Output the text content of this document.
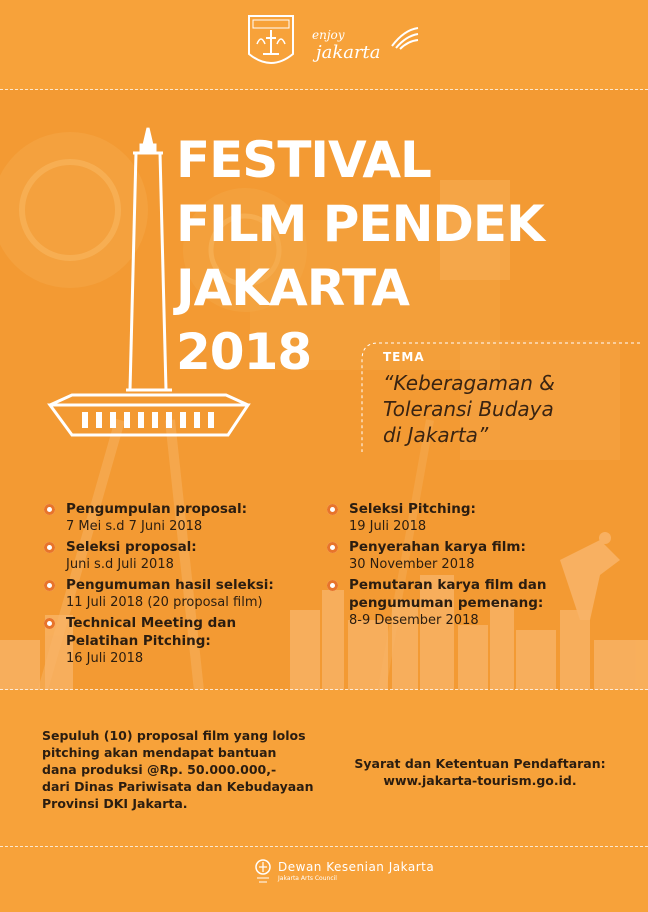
enjoy
jakarta
FESTIVAL
FILM PENDEK
JAKARTA
2018	TEMA
“Keberagaman &
Toleransi Budaya
di Jakarta”
Pengumpulan proposal:
7 Mei s.d 7 Juni 2018
Seleksi proposal:
Juni s.d Juli 2018
Pengumuman hasil seleksi:
11 Juli 2018 (20 proposal film)
Technical Meeting dan
Pelatihan Pitching:
16 Juli 2018
Seleksi Pitching:
19 Juli 2018
Penyerahan karya film:
30 November 2018
Pemutaran karya film dan
pengumuman pemenang:
8-9 Desember 2018
Sepuluh (10) proposal film yang lolos
pitching akan mendapat bantuan
dana produksi @Rp. 50.000.000,-
dari Dinas Pariwisata dan Kebudayaan
Provinsi DKI Jakarta.
Syarat dan Ketentuan Pendaftaran:
www.jakarta-tourism.go.id.
Dewan Kesenian Jakarta
Jakarta Arts Council
